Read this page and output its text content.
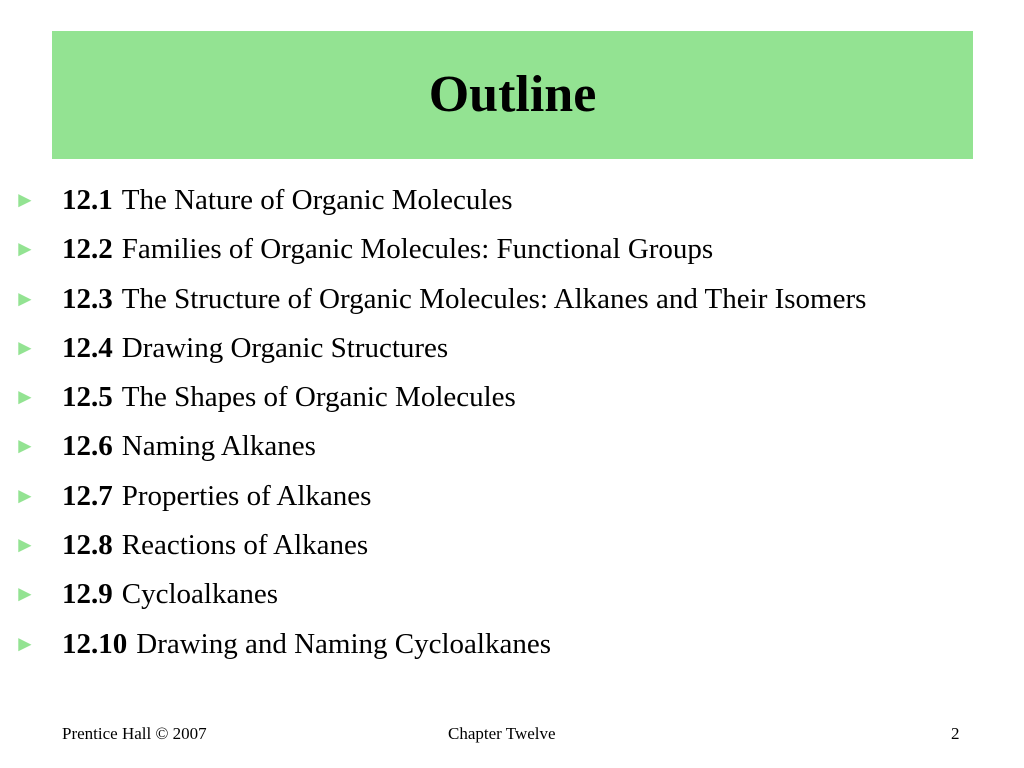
Outline
► 12.1 The Nature of Organic Molecules
► 12.2 Families of Organic Molecules: Functional Groups
► 12.3 The Structure of Organic Molecules: Alkanes and Their Isomers
► 12.4 Drawing Organic Structures
► 12.5 The Shapes of Organic Molecules
► 12.6 Naming Alkanes
► 12.7 Properties of Alkanes
► 12.8 Reactions of Alkanes
► 12.9 Cycloalkanes
► 12.10 Drawing and Naming Cycloalkanes
Prentice Hall © 2007	Chapter Twelve	2
